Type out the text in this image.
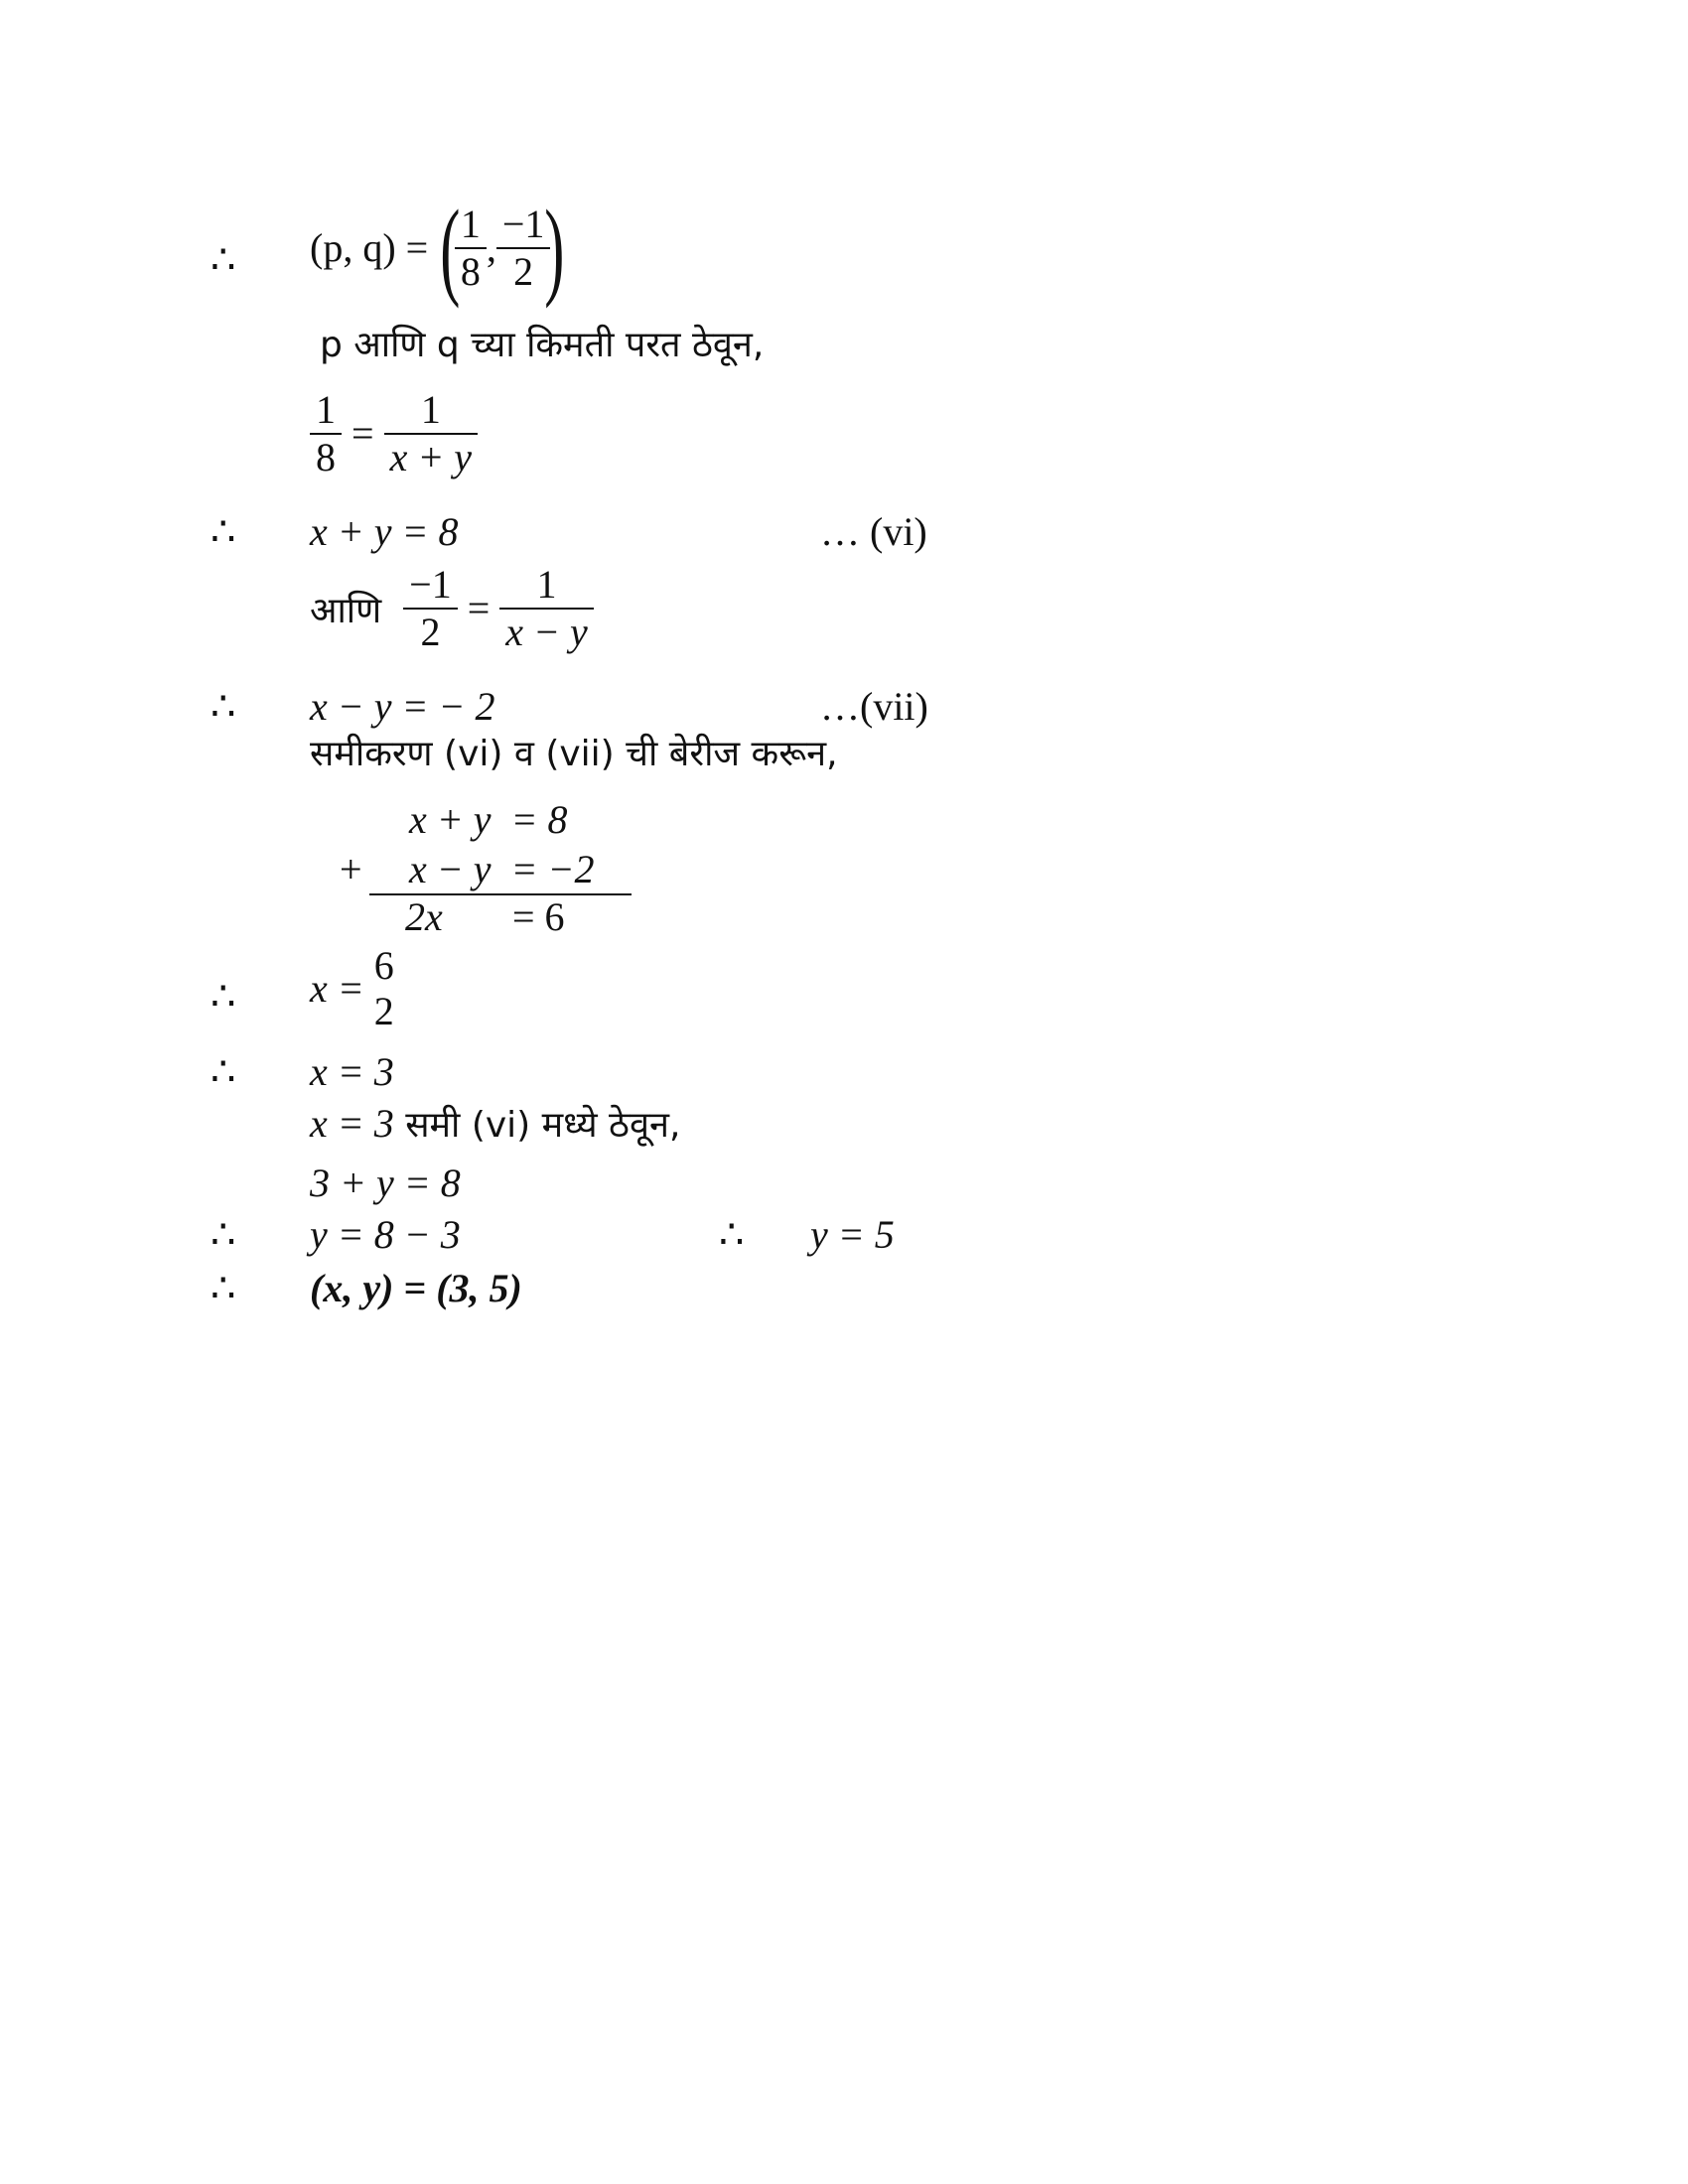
∴ (p, q) = (
$\frac{1}{8}$ , $\frac{-1}{2}$
)
p आणि q च्या किमती परत ठेवून,
$\frac{1}{8} = \frac{1}{x + y}$
∴ x + y = 8	… (vi)
आणि $\frac{-1}{2} = \frac{1}{x - y}$
∴ x − y = − 2	…(vii)
समीकरण (vi) व (vii) ची बेरीज करून,
x + y  = 8
+ x − y  = −2
2x = 6
∴ x =
6
2
∴ x = 3
x = 3 समी (vi) मध्ये ठेवून,
3 + y = 8
∴ y = 8 − 3	∴ y = 5
∴ (x, y) = (3, 5)
